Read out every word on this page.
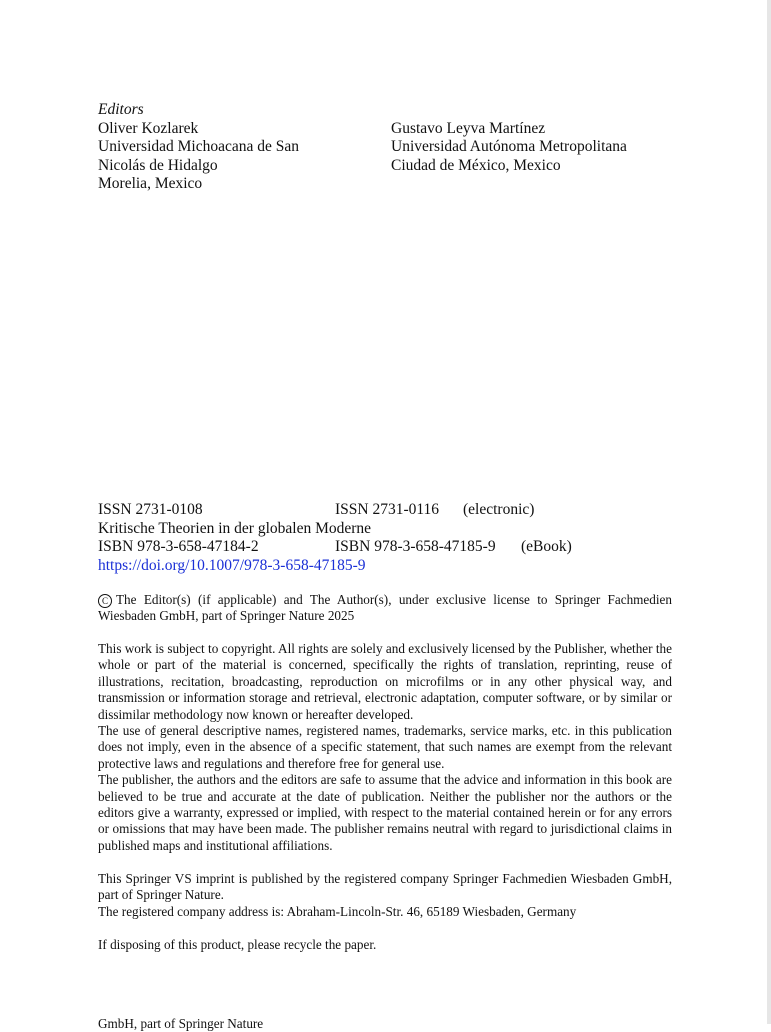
Editors
Oliver Kozlarek
Universidad Michoacana de San
Nicolás de Hidalgo
Morelia, Mexico
Gustavo Leyva Martínez
Universidad Autónoma Metropolitana
Ciudad de México, Mexico
ISSN 2731-0108	ISSN 2731-0116 (electronic)
Kritische Theorien in der globalen Moderne
ISBN 978-3-658-47184-2	ISBN 978-3-658-47185-9 (eBook)
https://doi.org/10.1007/978-3-658-47185-9
C The Editor(s) (if applicable) and The Author(s), under exclusive license to Springer Fachmedien Wiesbaden GmbH, part of Springer Nature 2025

This work is subject to copyright. All rights are solely and exclusively licensed by the Publisher, whether the whole or part of the material is concerned, specifically the rights of translation, reprinting, reuse of illustrations, recitation, broadcasting, reproduction on microfilms or in any other physical way, and transmission or information storage and retrieval, electronic adaptation, computer software, or by similar or dissimilar methodology now known or hereafter developed.

The use of general descriptive names, registered names, trademarks, service marks, etc. in this publication does not imply, even in the absence of a specific statement, that such names are exempt from the relevant protective laws and regulations and therefore free for general use.

The publisher, the authors and the editors are safe to assume that the advice and information in this book are believed to be true and accurate at the date of publication. Neither the publisher nor the authors or the editors give a warranty, expressed or implied, with respect to the material contained herein or for any errors or omissions that may have been made. The publisher remains neutral with regard to jurisdictional claims in published maps and institutional affiliations.

This Springer VS imprint is published by the registered company Springer Fachmedien Wiesbaden GmbH, part of Springer Nature.

The registered company address is: Abraham-Lincoln-Str. 46, 65189 Wiesbaden, Germany

If disposing of this product, please recycle the paper.
GmbH, part of Springer Nature
